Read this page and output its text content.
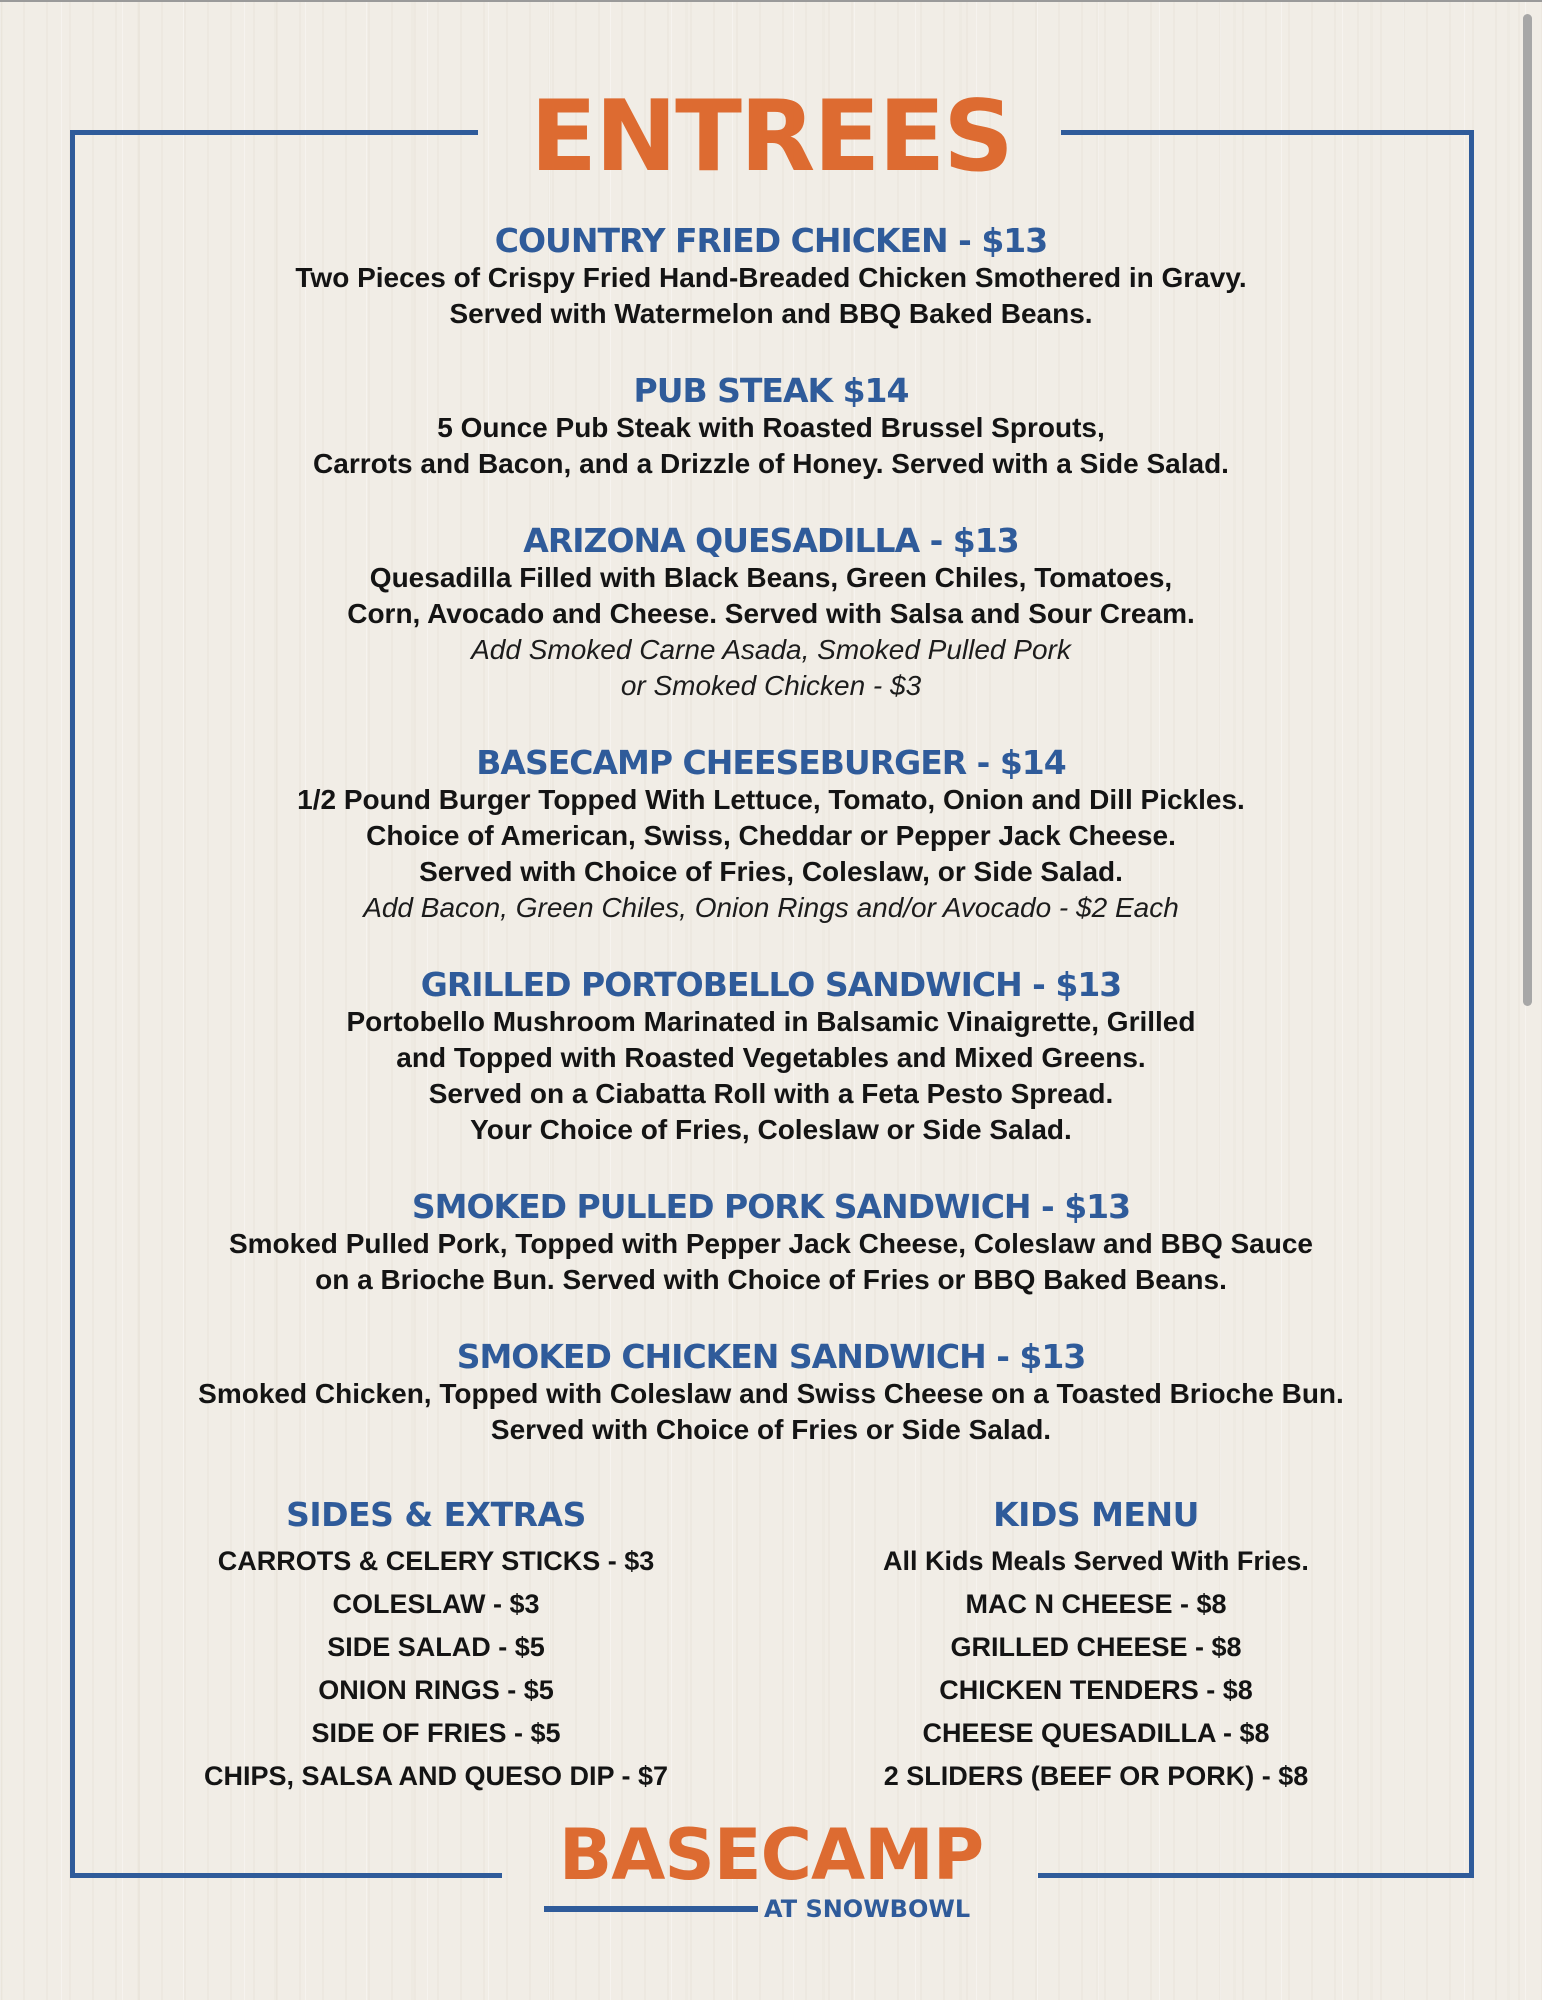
ENTREES
COUNTRY FRIED CHICKEN - $13
Two Pieces of Crispy Fried Hand-Breaded Chicken Smothered in Gravy.
Served with Watermelon and BBQ Baked Beans.
PUB STEAK $14
5 Ounce Pub Steak with Roasted Brussel Sprouts,
Carrots and Bacon, and a Drizzle of Honey. Served with a Side Salad.
ARIZONA QUESADILLA - $13
Quesadilla Filled with Black Beans, Green Chiles, Tomatoes,
Corn, Avocado and Cheese. Served with Salsa and Sour Cream.
Add Smoked Carne Asada, Smoked Pulled Pork
or Smoked Chicken - $3
BASECAMP CHEESEBURGER - $14
1/2 Pound Burger Topped With Lettuce, Tomato, Onion and Dill Pickles.
Choice of American, Swiss, Cheddar or Pepper Jack Cheese.
Served with Choice of Fries, Coleslaw, or Side Salad.
Add Bacon, Green Chiles, Onion Rings and/or Avocado - $2 Each
GRILLED PORTOBELLO SANDWICH - $13
Portobello Mushroom Marinated in Balsamic Vinaigrette, Grilled
and Topped with Roasted Vegetables and Mixed Greens.
Served on a Ciabatta Roll with a Feta Pesto Spread.
Your Choice of Fries, Coleslaw or Side Salad.
SMOKED PULLED PORK SANDWICH - $13
Smoked Pulled Pork, Topped with Pepper Jack Cheese, Coleslaw and BBQ Sauce
on a Brioche Bun. Served with Choice of Fries or BBQ Baked Beans.
SMOKED CHICKEN SANDWICH - $13
Smoked Chicken, Topped with Coleslaw and Swiss Cheese on a Toasted Brioche Bun.
Served with Choice of Fries or Side Salad.
SIDES & EXTRAS
CARROTS & CELERY STICKS - $3
COLESLAW - $3
SIDE SALAD - $5
ONION RINGS - $5
SIDE OF FRIES - $5
CHIPS, SALSA AND QUESO DIP - $7
KIDS MENU
All Kids Meals Served With Fries.
MAC N CHEESE - $8
GRILLED CHEESE - $8
CHICKEN TENDERS - $8
CHEESE QUESADILLA - $8
2 SLIDERS (BEEF OR PORK) - $8
BASECAMP
AT SNOWBOWL
